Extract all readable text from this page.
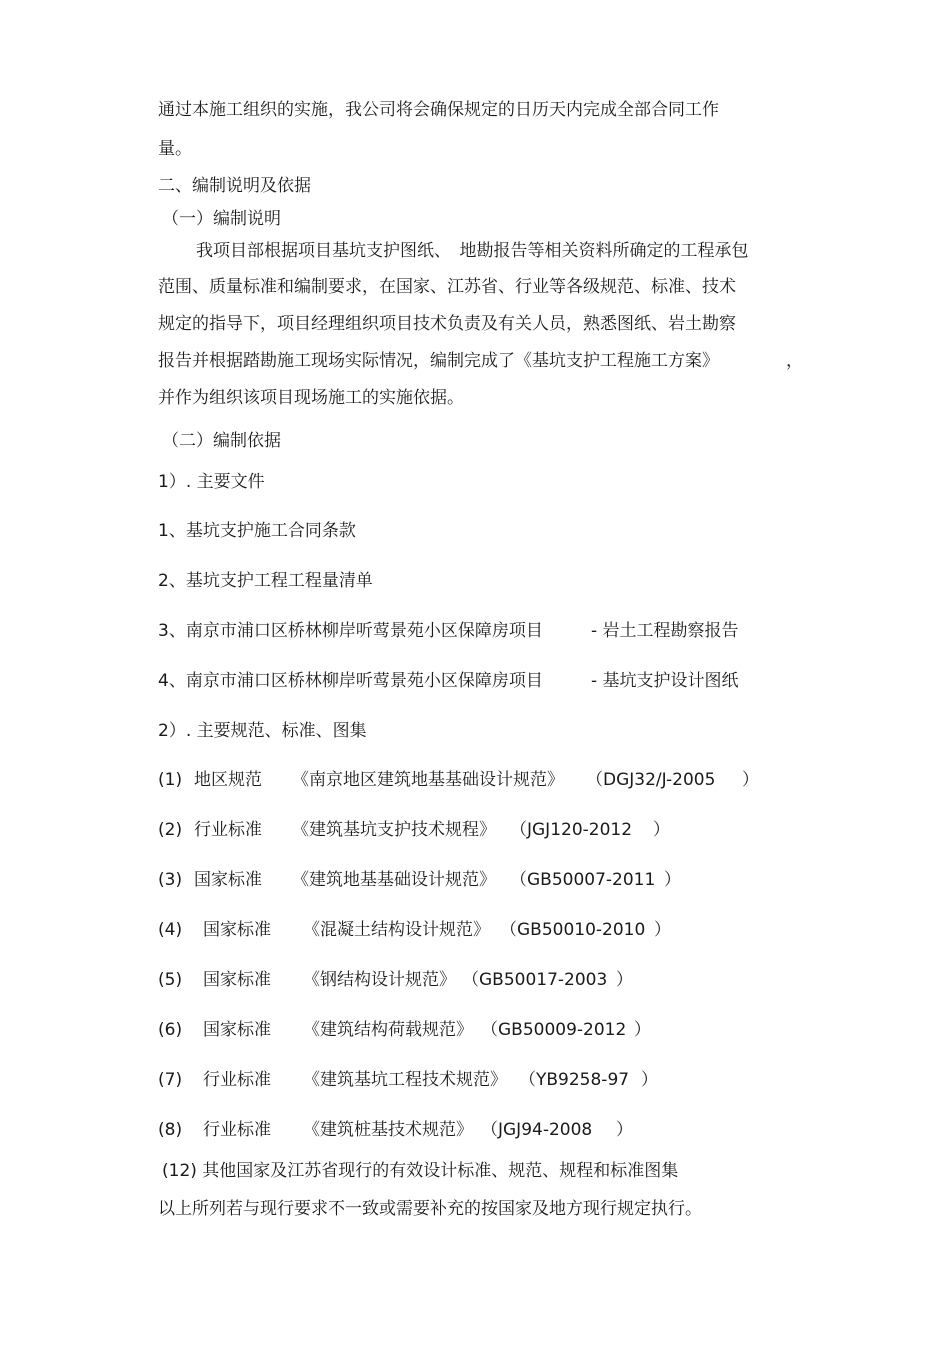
通过本施工组织的实施，我公司将会确保规定的日历天内完成全部合同工作
量。
二、编制说明及依据
（一）编制说明
我项目部根据项目基坑支护图纸、　地勘报告等相关资料所确定的工程承包
范围、质量标准和编制要求，在国家、江苏省、行业等各级规范、标准、技术
规定的指导下，项目经理组织项目技术负责及有关人员，熟悉图纸、岩土勘察
报告并根据踏勘施工现场实际情况，编制完成了《基坑支护工程施工方案》	，
并作为组织该项目现场施工的实施依据。
（二）编制依据
1）. 主要文件
1、基坑支护施工合同条款
2、基坑支护工程工程量清单
3、南京市浦口区桥林柳岸听莺景苑小区保障房项目	- 岩土工程勘察报告
4、南京市浦口区桥林柳岸听莺景苑小区保障房项目	- 基坑支护设计图纸
2）. 主要规范、标准、图集
(1) 地区规范 《南京地区建筑地基基础设计规范》 （DGJ32/J-2005 ）
(2) 行业标准 《建筑基坑支护技术规程》 （JGJ120-2012 ）
(3) 国家标准 《建筑地基基础设计规范》 （GB50007-2011 ）
(4) 国家标准 《混凝土结构设计规范》 （GB50010-2010 ）
(5) 国家标准 《钢结构设计规范》 （GB50017-2003 ）
(6) 国家标准 《建筑结构荷载规范》 （GB50009-2012 ）
(7) 行业标准 《建筑基坑工程技术规范》 （YB9258-97 ）
(8) 行业标准 《建筑桩基技术规范》 （JGJ94-2008 ）
(12) 其他国家及江苏省现行的有效设计标准、规范、规程和标准图集
以上所列若与现行要求不一致或需要补充的按国家及地方现行规定执行。
